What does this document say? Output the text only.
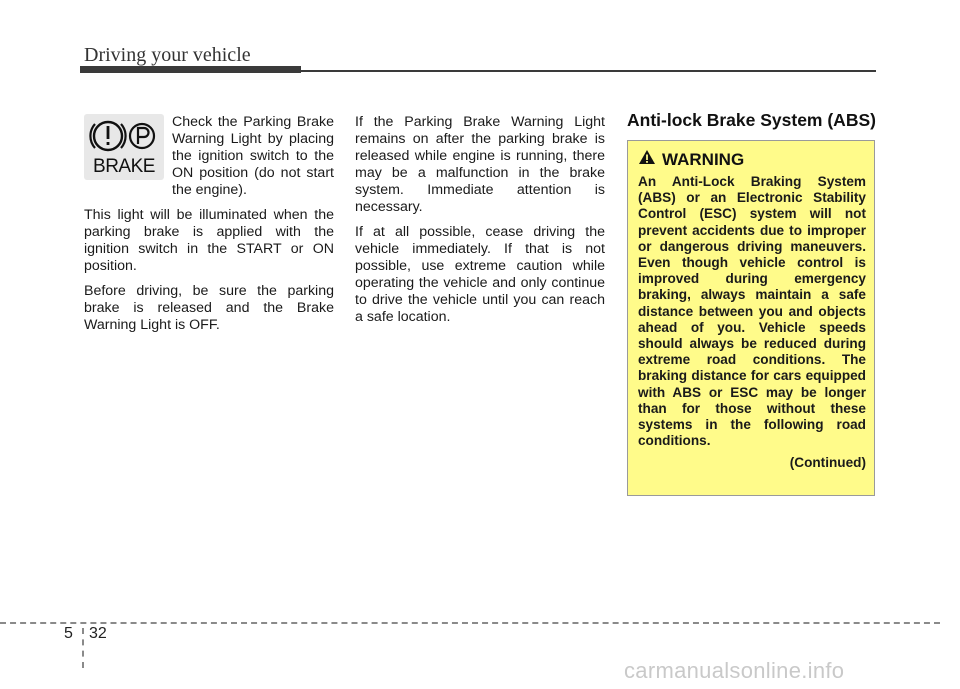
Driving your vehicle
BRAKE

Check the Parking Brake Warning Light by placing the ignition switch to the ON position (do not start the engine).

This light will be illuminated when the parking brake is applied with the ignition switch in the START or ON position.

Before driving, be sure the parking brake is released and the Brake Warning Light is OFF.

If the Parking Brake Warning Light remains on after the parking brake is released while engine is running, there may be a malfunction in the brake system. Immediate attention is necessary.

If at all possible, cease driving the vehicle immediately. If that is not possible, use extreme caution while operating the vehicle and only continue to drive the vehicle until you can reach a safe location.

Anti-lock Brake System (ABS)
WARNING
An Anti-Lock Braking System (ABS) or an Electronic Stability Control (ESC) system will not prevent accidents due to improper or dangerous driving maneuvers. Even though vehicle control is improved during emergency braking, always maintain a safe distance between you and objects ahead of you. Vehicle speeds should always be reduced during extreme road conditions. The braking distance for cars equipped with ABS or ESC may be longer than for those without these systems in the following road conditions.
(Continued)
5 32
carmanualsonline.info
